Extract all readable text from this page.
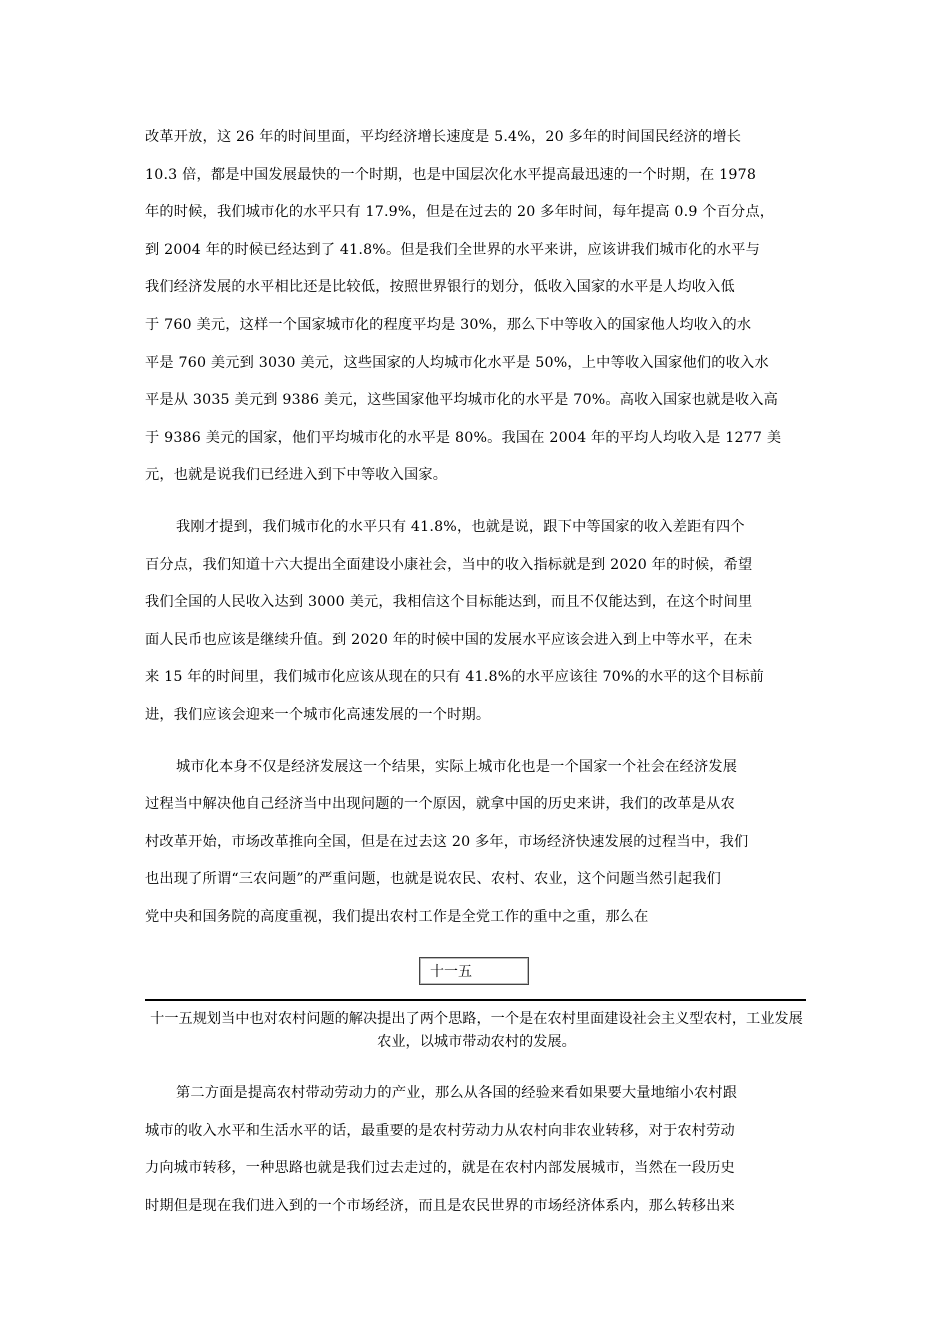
改革开放，这 26 年的时间里面，平均经济增长速度是 5.4%，20 多年的时间国民经济的增长
10.3 倍，都是中国发展最快的一个时期，也是中国层次化水平提高最迅速的一个时期，在 1978
年的时候，我们城市化的水平只有 17.9%，但是在过去的 20 多年时间，每年提高 0.9 个百分点，
到 2004 年的时候已经达到了 41.8%。但是我们全世界的水平来讲，应该讲我们城市化的水平与
我们经济发展的水平相比还是比较低，按照世界银行的划分，低收入国家的水平是人均收入低
于 760 美元，这样一个国家城市化的程度平均是 30%，那么下中等收入的国家他人均收入的水
平是 760 美元到 3030 美元，这些国家的人均城市化水平是 50%，上中等收入国家他们的收入水
平是从 3035 美元到 9386 美元，这些国家他平均城市化的水平是 70%。高收入国家也就是收入高
于 9386 美元的国家，他们平均城市化的水平是 80%。我国在 2004 年的平均人均收入是 1277 美
元，也就是说我们已经进入到下中等收入国家。
我刚才提到，我们城市化的水平只有 41.8%，也就是说，跟下中等国家的收入差距有四个
百分点，我们知道十六大提出全面建设小康社会，当中的收入指标就是到 2020 年的时候，希望
我们全国的人民收入达到 3000 美元，我相信这个目标能达到，而且不仅能达到，在这个时间里
面人民币也应该是继续升值。到 2020 年的时候中国的发展水平应该会进入到上中等水平，在未
来 15 年的时间里，我们城市化应该从现在的只有 41.8%的水平应该往 70%的水平的这个目标前
进，我们应该会迎来一个城市化高速发展的一个时期。
城市化本身不仅是经济发展这一个结果，实际上城市化也是一个国家一个社会在经济发展
过程当中解决他自己经济当中出现问题的一个原因，就拿中国的历史来讲，我们的改革是从农
村改革开始，市场改革推向全国，但是在过去这 20 多年，市场经济快速发展的过程当中，我们
也出现了所谓“三农问题”的严重问题，也就是说农民、农村、农业，这个问题当然引起我们
党中央和国务院的高度重视，我们提出农村工作是全党工作的重中之重，那么在
十一五
十一五规划当中也对农村问题的解决提出了两个思路，一个是在农村里面建设社会主义型农村，工业发展农业，以城市带动农村的发展。
第二方面是提高农村带动劳动力的产业，那么从各国的经验来看如果要大量地缩小农村跟
城市的收入水平和生活水平的话，最重要的是农村劳动力从农村向非农业转移，对于农村劳动
力向城市转移，一种思路也就是我们过去走过的，就是在农村内部发展城市，当然在一段历史
时期但是现在我们进入到的一个市场经济，而且是农民世界的市场经济体系内，那么转移出来
